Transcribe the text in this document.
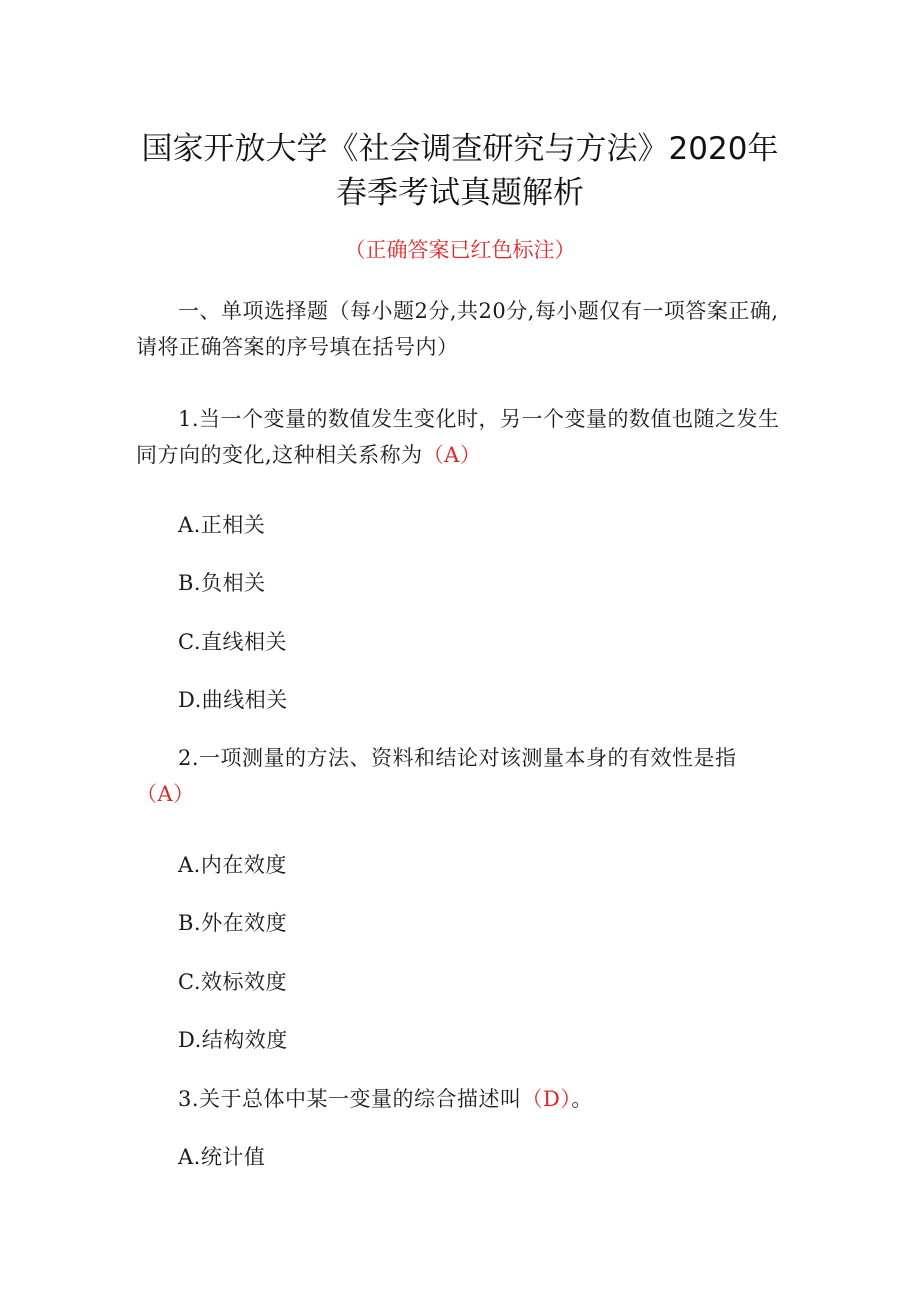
国家开放大学《社会调查研究与方法》2020年
春季考试真题解析
（正确答案已红色标注）
一、单项选择题（每小题2分,共20分,每小题仅有一项答案正确,请将正确答案的序号填在括号内）
1.当一个变量的数值发生变化时，另一个变量的数值也随之发生同方向的变化,这种相关系称为（A）
A.正相关
B.负相关
C.直线相关
D.曲线相关
2.一项测量的方法、资料和结论对该测量本身的有效性是指（A）
A.内在效度
B.外在效度
C.效标效度
D.结构效度
3.关于总体中某一变量的综合描述叫（D）。
A.统计值
